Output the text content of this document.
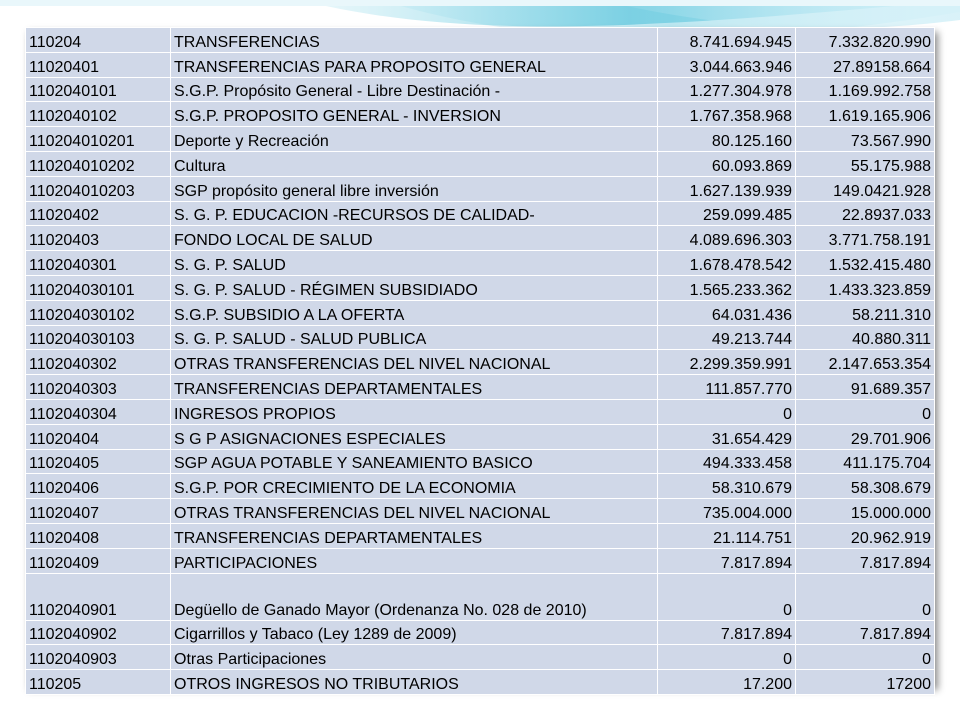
110204	TRANSFERENCIAS	8.741.694.945	7.332.820.990
11020401	TRANSFERENCIAS PARA PROPOSITO GENERAL	3.044.663.946	27.89158.664
1102040101	S.G.P. Propósito General - Libre Destinación -	1.277.304.978	1.169.992.758
1102040102	S.G.P. PROPOSITO GENERAL - INVERSION	1.767.358.968	1.619.165.906
110204010201	Deporte y Recreación	80.125.160	73.567.990
110204010202	Cultura	60.093.869	55.175.988
110204010203	SGP propósito general libre inversión	1.627.139.939	149.0421.928
11020402	S. G. P. EDUCACION -RECURSOS DE CALIDAD-	259.099.485	22.8937.033
11020403	FONDO LOCAL DE SALUD	4.089.696.303	3.771.758.191
1102040301	S. G. P. SALUD	1.678.478.542	1.532.415.480
110204030101	S. G. P. SALUD - RÉGIMEN SUBSIDIADO	1.565.233.362	1.433.323.859
110204030102	S.G.P. SUBSIDIO A LA OFERTA	64.031.436	58.211.310
110204030103	S. G. P. SALUD - SALUD PUBLICA	49.213.744	40.880.311
1102040302	OTRAS TRANSFERENCIAS DEL NIVEL NACIONAL	2.299.359.991	2.147.653.354
1102040303	TRANSFERENCIAS DEPARTAMENTALES	111.857.770	91.689.357
1102040304	INGRESOS PROPIOS	0	0
11020404	S G P ASIGNACIONES ESPECIALES	31.654.429	29.701.906
11020405	SGP AGUA POTABLE Y SANEAMIENTO BASICO	494.333.458	411.175.704
11020406	S.G.P. POR CRECIMIENTO DE LA ECONOMIA	58.310.679	58.308.679
11020407	OTRAS TRANSFERENCIAS DEL NIVEL NACIONAL	735.004.000	15.000.000
11020408	TRANSFERENCIAS DEPARTAMENTALES	21.114.751	20.962.919
11020409	PARTICIPACIONES	7.817.894	7.817.894
1102040901	Degüello de Ganado Mayor (Ordenanza No. 028 de 2010)	0	0
1102040902	Cigarrillos y Tabaco (Ley 1289 de 2009)	7.817.894	7.817.894
1102040903	Otras Participaciones	0	0
110205	OTROS INGRESOS NO TRIBUTARIOS	17.200	17200
